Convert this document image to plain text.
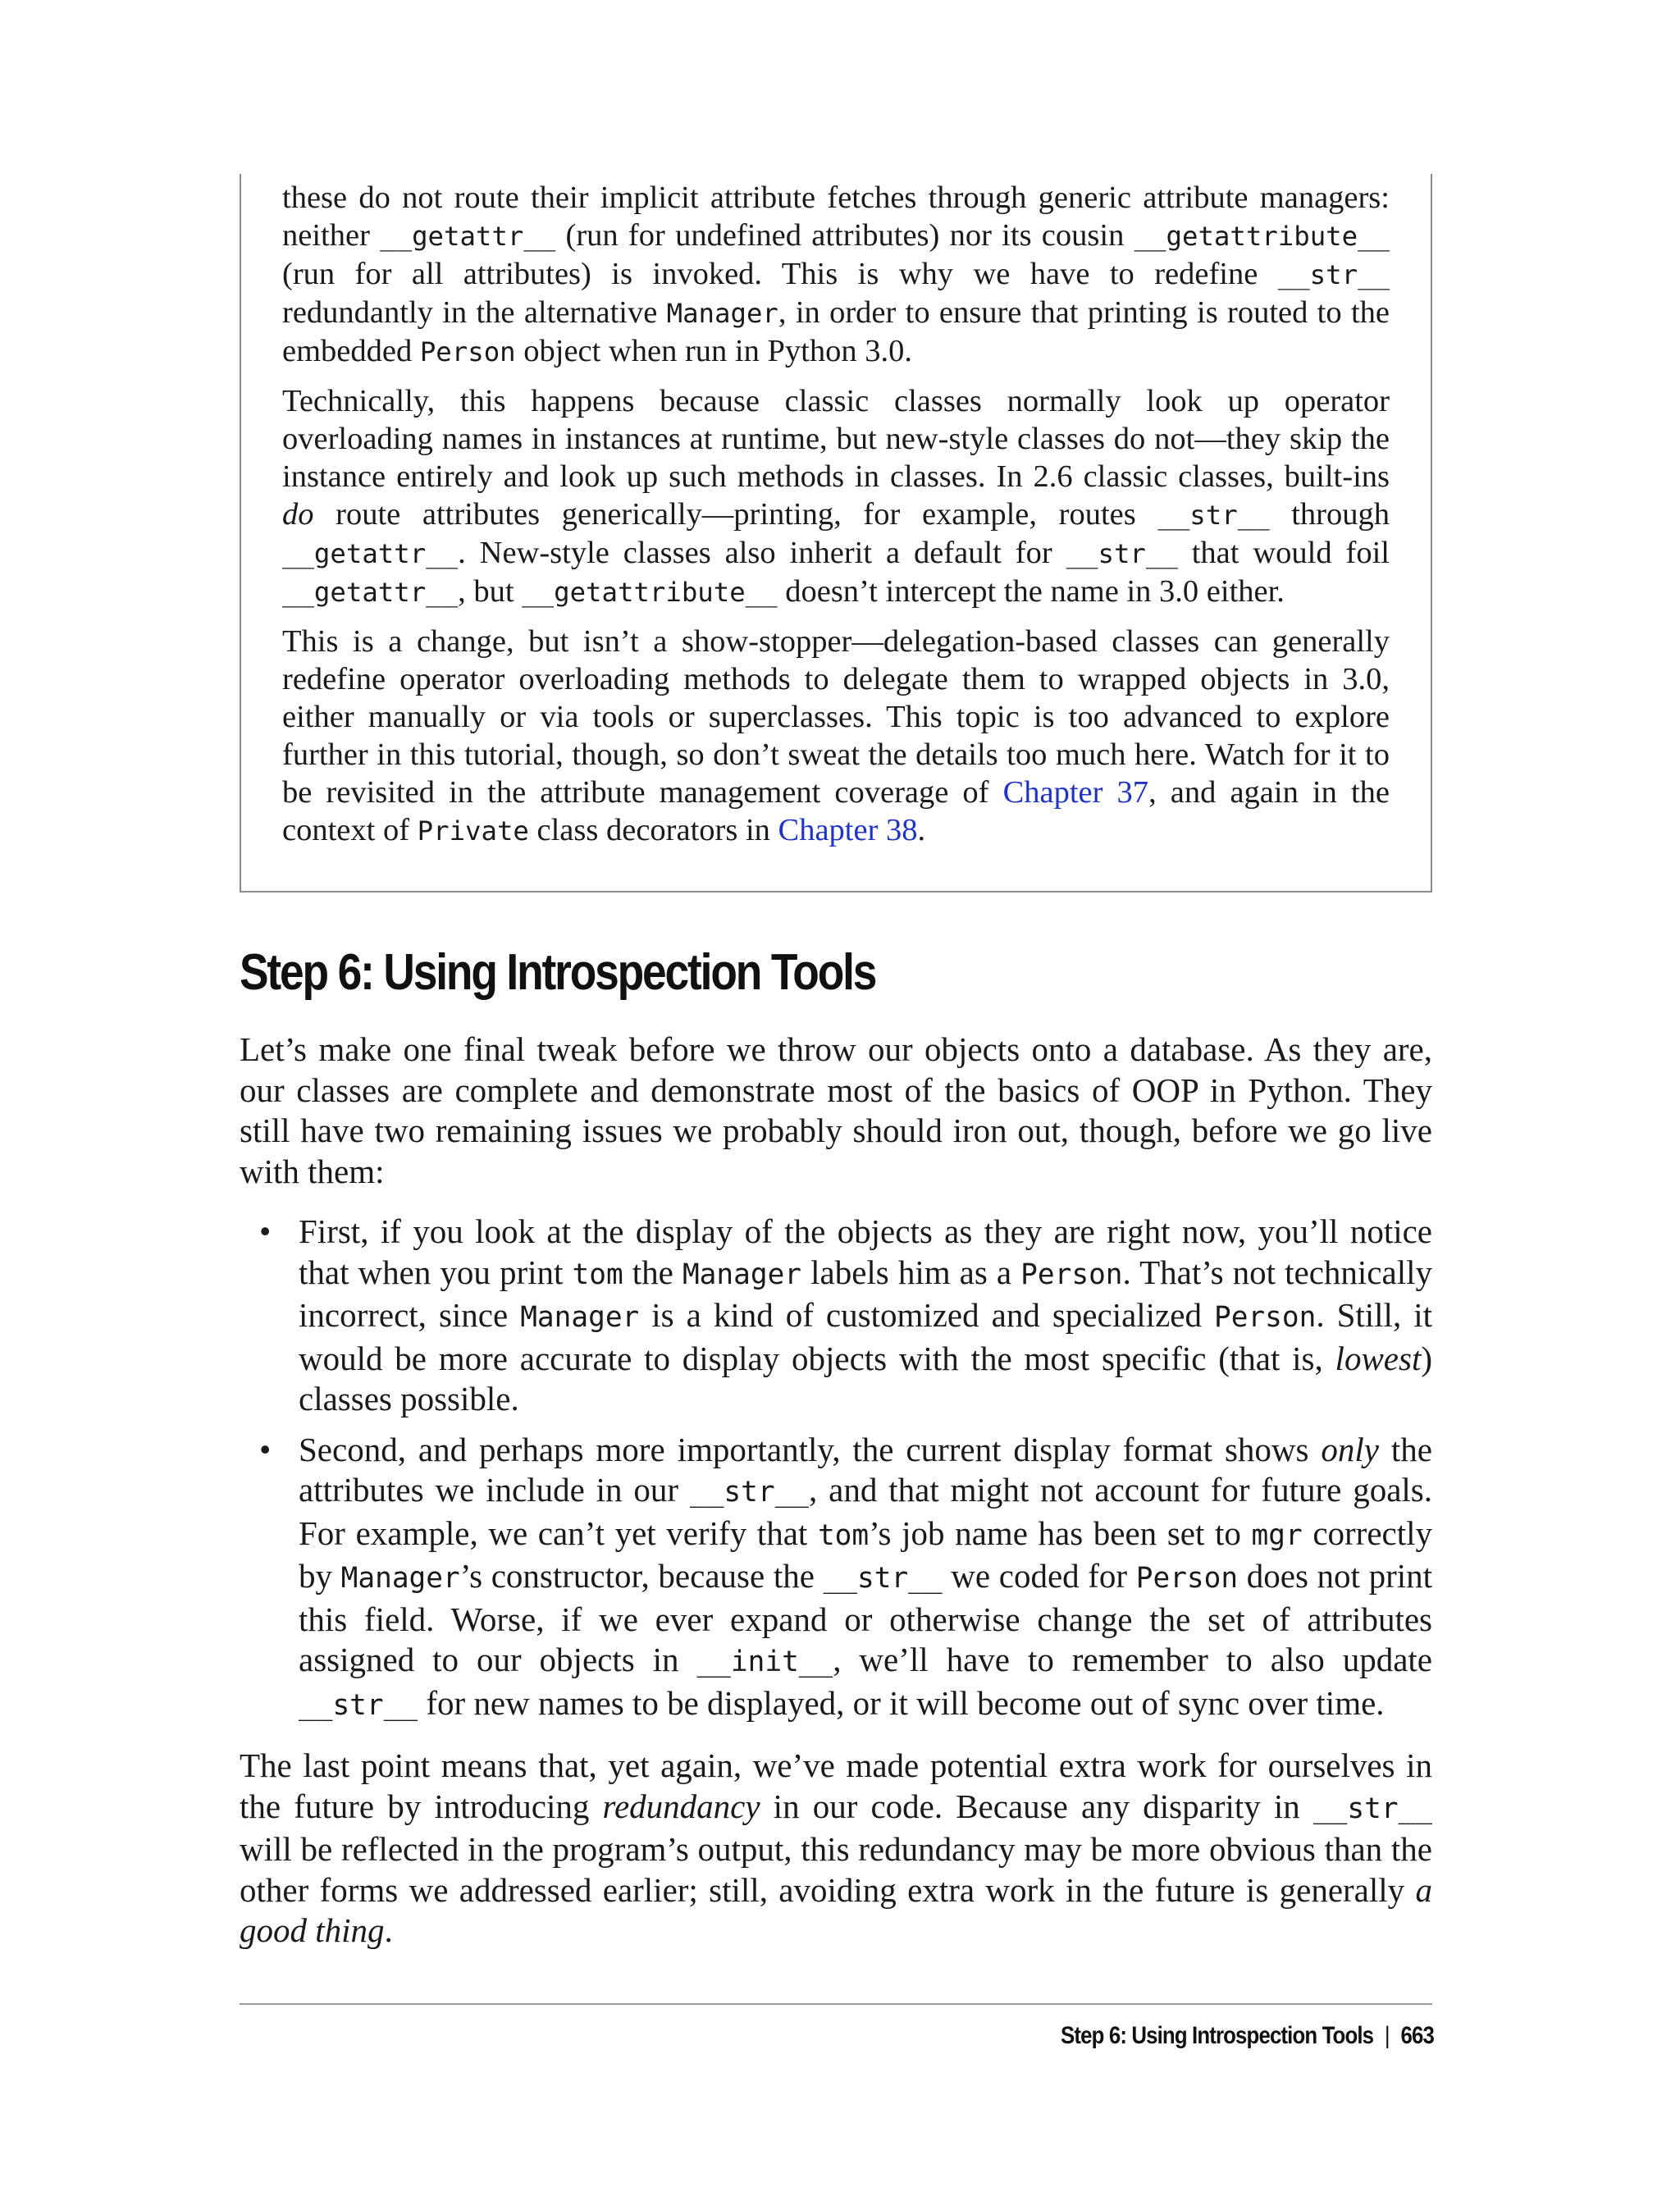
these do not route their implicit attribute fetches through generic attribute managers: neither __getattr__ (run for undefined attributes) nor its cousin __getattribute__ (run for all attributes) is invoked. This is why we have to redefine __str__ redundantly in the alternative Manager, in order to ensure that printing is routed to the embedded Person object when run in Python 3.0.

Technically, this happens because classic classes normally look up operator overloading names in instances at runtime, but new-style classes do not—they skip the instance entirely and look up such methods in classes. In 2.6 classic classes, built-ins do route attributes generically—printing, for example, routes __str__ through __getattr__. New-style classes also inherit a default for __str__ that would foil __getattr__, but __getattribute__ doesn’t intercept the name in 3.0 either.

This is a change, but isn’t a show-stopper—delegation-based classes can generally redefine operator overloading methods to delegate them to wrapped objects in 3.0, either manually or via tools or superclasses. This topic is too advanced to explore further in this tutorial, though, so don’t sweat the details too much here. Watch for it to be revisited in the attribute management coverage of Chapter 37, and again in the context of Private class decorators in Chapter 38.

Step 6: Using Introspection Tools

Let’s make one final tweak before we throw our objects onto a database. As they are, our classes are complete and demonstrate most of the basics of OOP in Python. They still have two remaining issues we probably should iron out, though, before we go live with them:

• First, if you look at the display of the objects as they are right now, you’ll notice that when you print tom the Manager labels him as a Person. That’s not technically incorrect, since Manager is a kind of customized and specialized Person. Still, it would be more accurate to display objects with the most specific (that is, lowest) classes possible.
• Second, and perhaps more importantly, the current display format shows only the attributes we include in our __str__, and that might not account for future goals. For example, we can’t yet verify that tom’s job name has been set to mgr correctly by Manager’s constructor, because the __str__ we coded for Person does not print this field. Worse, if we ever expand or otherwise change the set of attributes assigned to our objects in __init__, we’ll have to remember to also update __str__ for new names to be displayed, or it will become out of sync over time.

The last point means that, yet again, we’ve made potential extra work for ourselves in the future by introducing redundancy in our code. Because any disparity in __str__ will be reflected in the program’s output, this redundancy may be more obvious than the other forms we addressed earlier; still, avoiding extra work in the future is generally a good thing.

Step 6: Using Introspection Tools | 663
